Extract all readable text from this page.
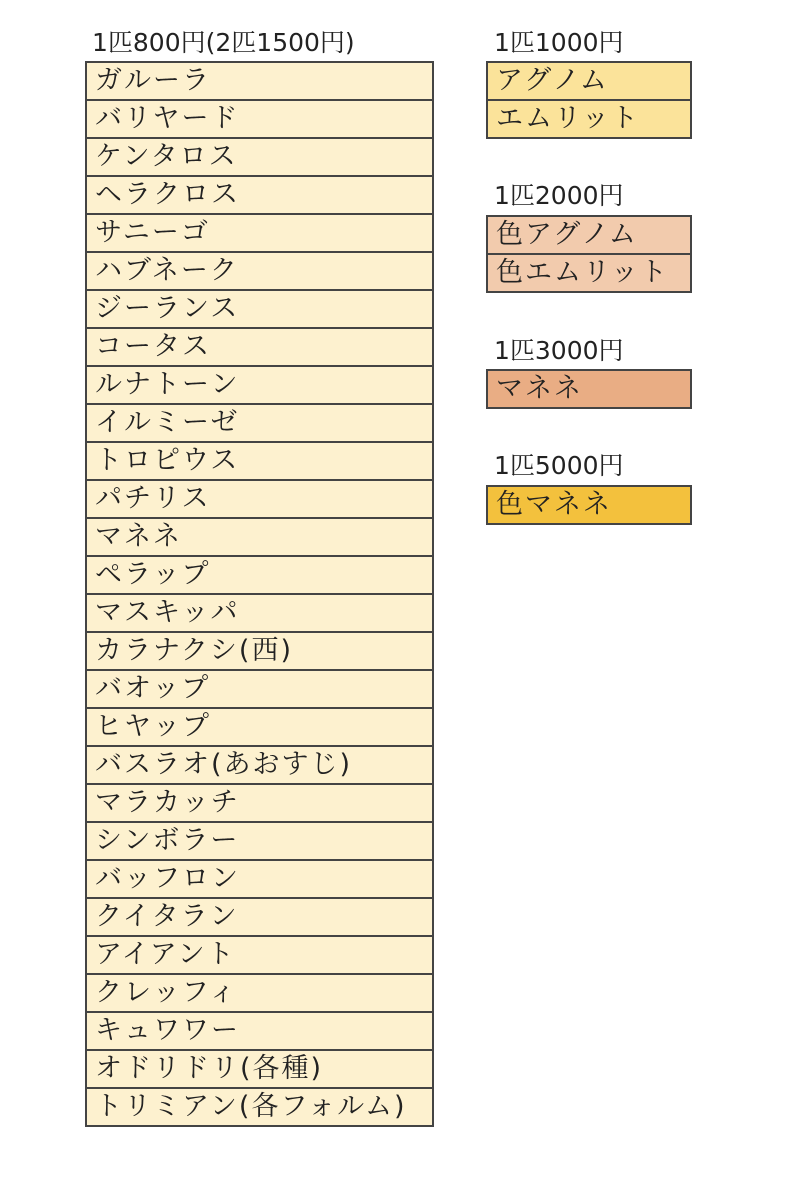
1匹800円(2匹1500円)
ガルーラ
バリヤード
ケンタロス
ヘラクロス
サニーゴ
ハブネーク
ジーランス
コータス
ルナトーン
イルミーゼ
トロピウス
パチリス
マネネ
ペラップ
マスキッパ
カラナクシ(西)
バオップ
ヒヤップ
バスラオ(あおすじ)
マラカッチ
シンボラー
バッフロン
クイタラン
アイアント
クレッフィ
キュワワー
オドリドリ(各種)
トリミアン(各フォルム)
1匹1000円
アグノム
エムリット
1匹2000円
色アグノム
色エムリット
1匹3000円
マネネ
1匹5000円
色マネネ
